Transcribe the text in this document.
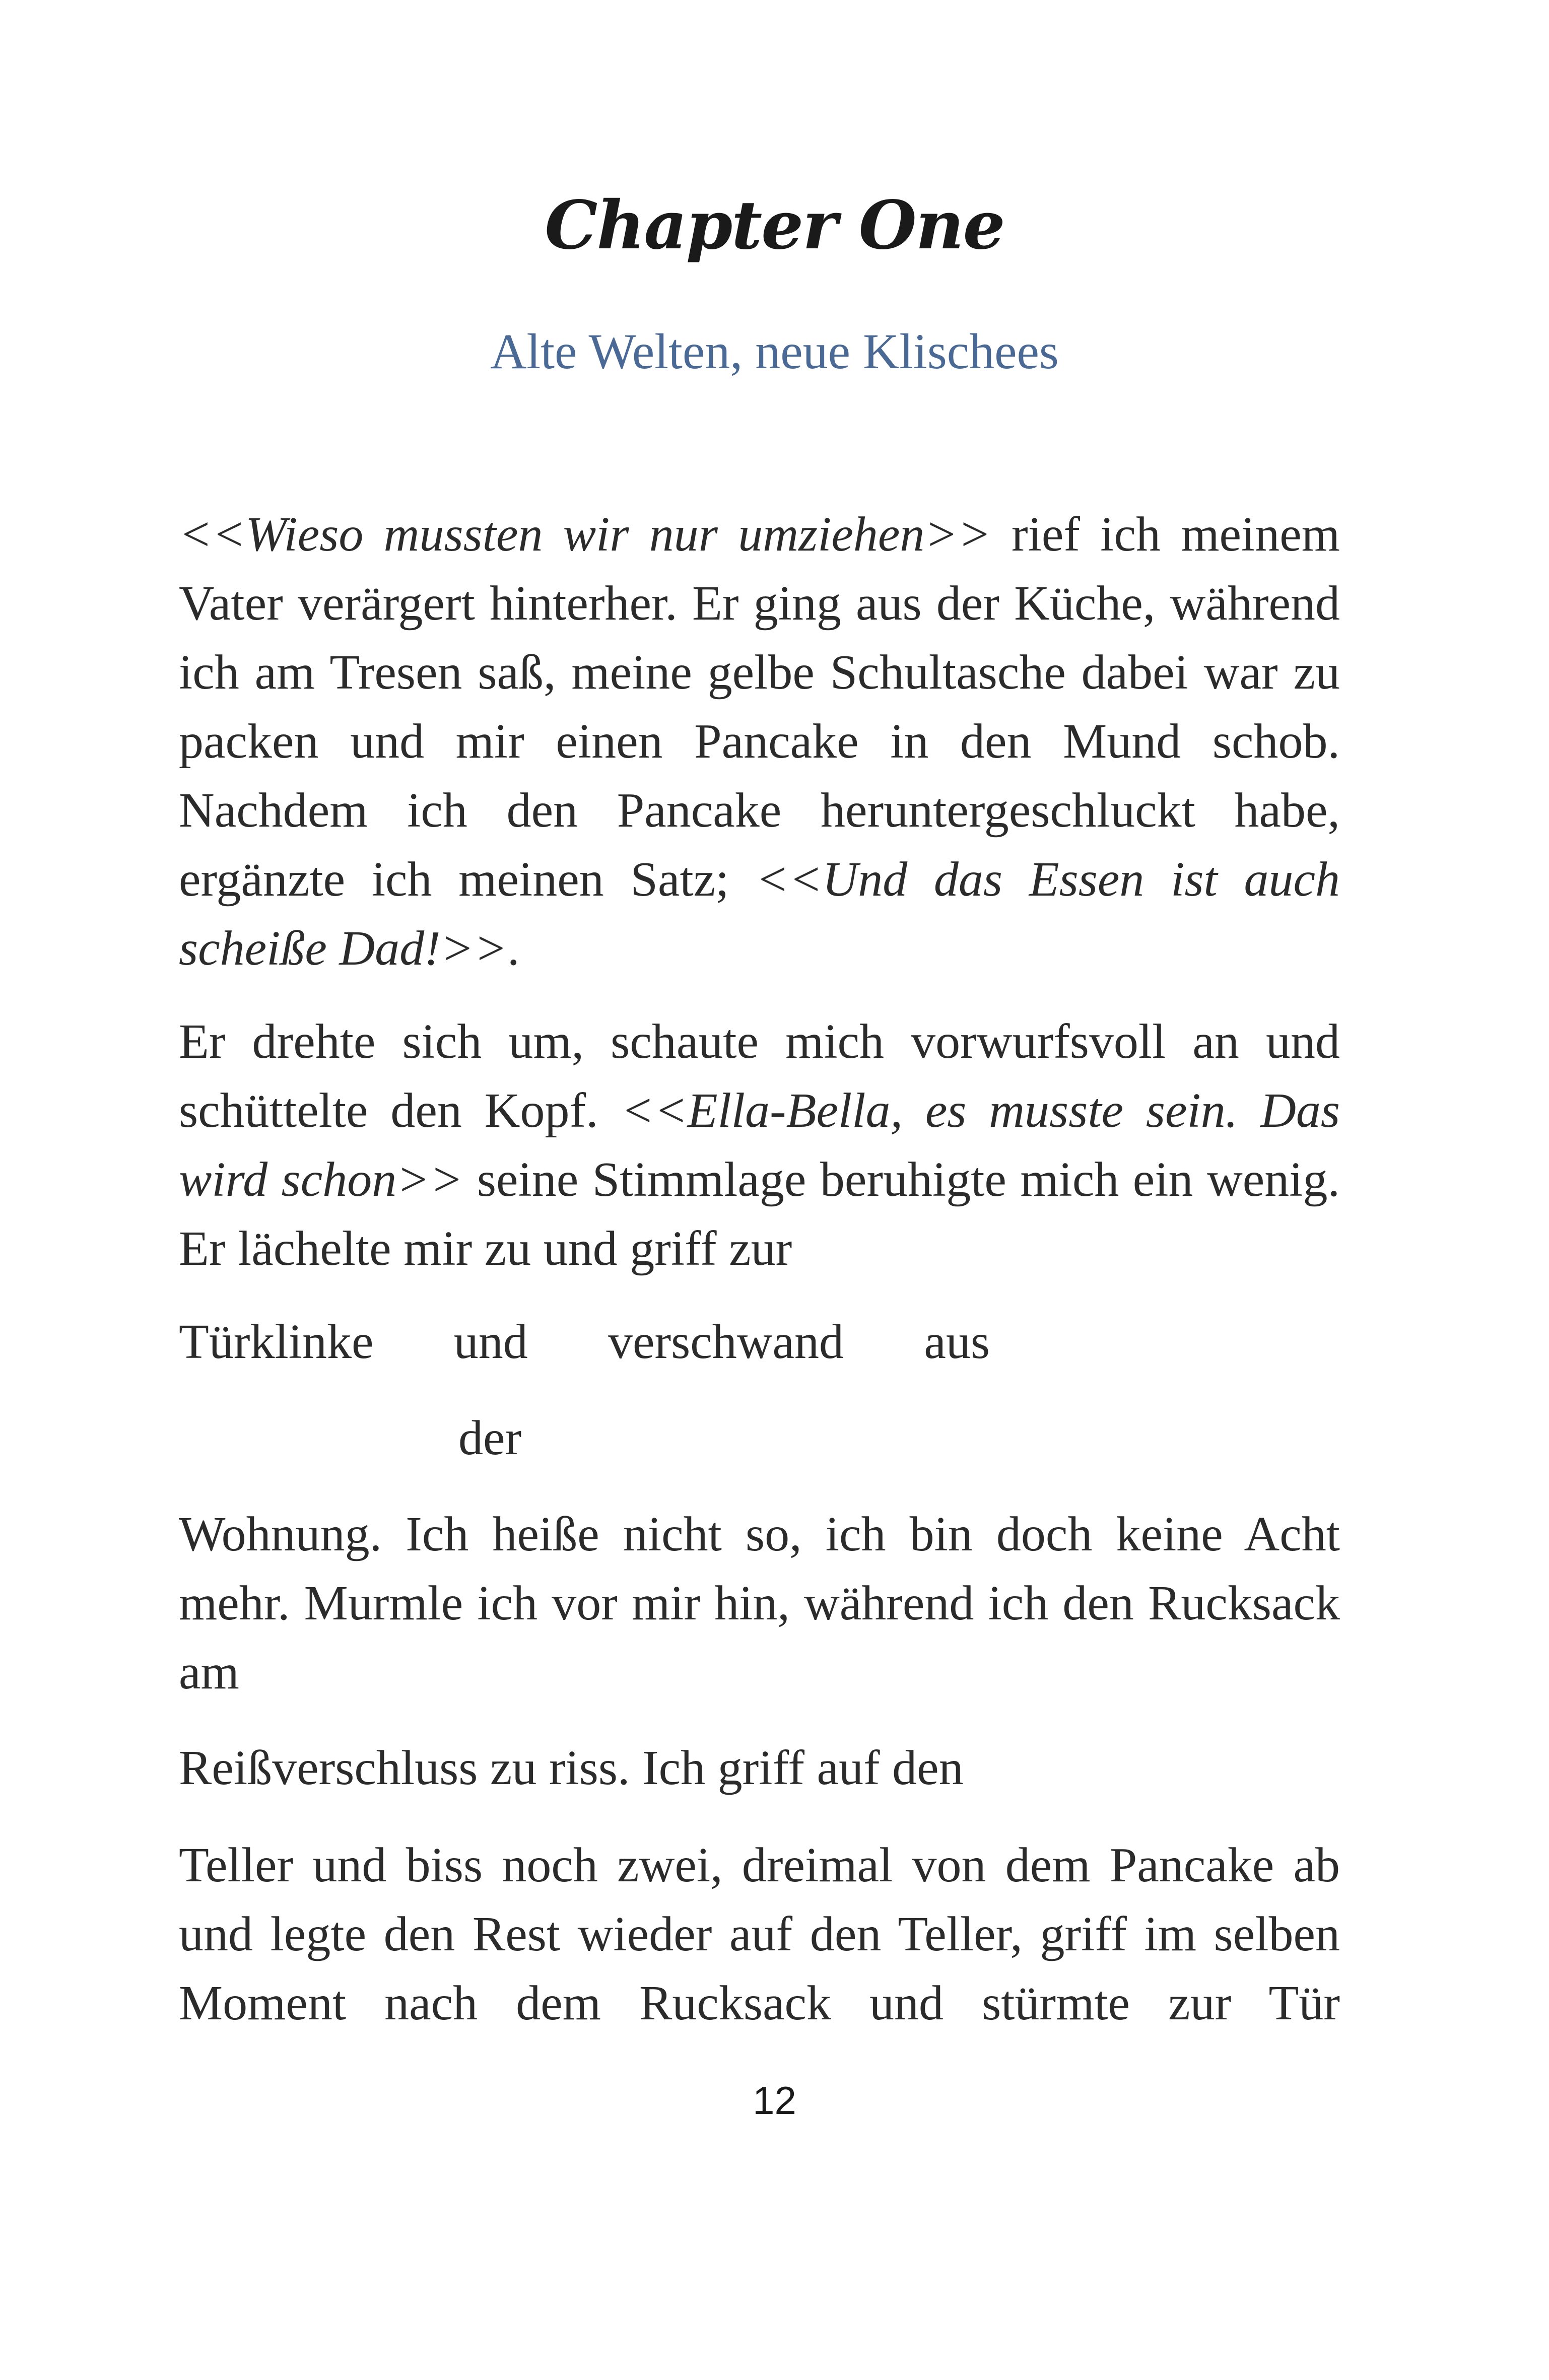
Chapter One
Alte Welten, neue Klischees

<<Wieso mussten wir nur umziehen>> rief ich meinem Vater verärgert hinterher. Er ging aus der Küche, während ich am Tresen saß, meine gelbe Schultasche dabei war zu packen und mir einen Pancake in den Mund schob. Nachdem ich den Pancake heruntergeschluckt habe, ergänzte ich meinen Satz; <<Und das Essen ist auch scheiße Dad!>>.

Er drehte sich um, schaute mich vorwurfsvoll an und schüttelte den Kopf. <<Ella-Bella, es musste sein. Das wird schon>> seine Stimmlage beruhigte mich ein wenig. Er lächelte mir zu und griff zur

Türklinke und verschwand aus

der

Wohnung. Ich heiße nicht so, ich bin doch keine Acht mehr. Murmle ich vor mir hin, während ich den Rucksack am

Reißverschluss zu riss. Ich griff auf den

Teller und biss noch zwei, dreimal von dem Pancake ab und legte den Rest wieder auf den Teller, griff im selben Moment nach dem Rucksack und stürmte zur Tür

12
